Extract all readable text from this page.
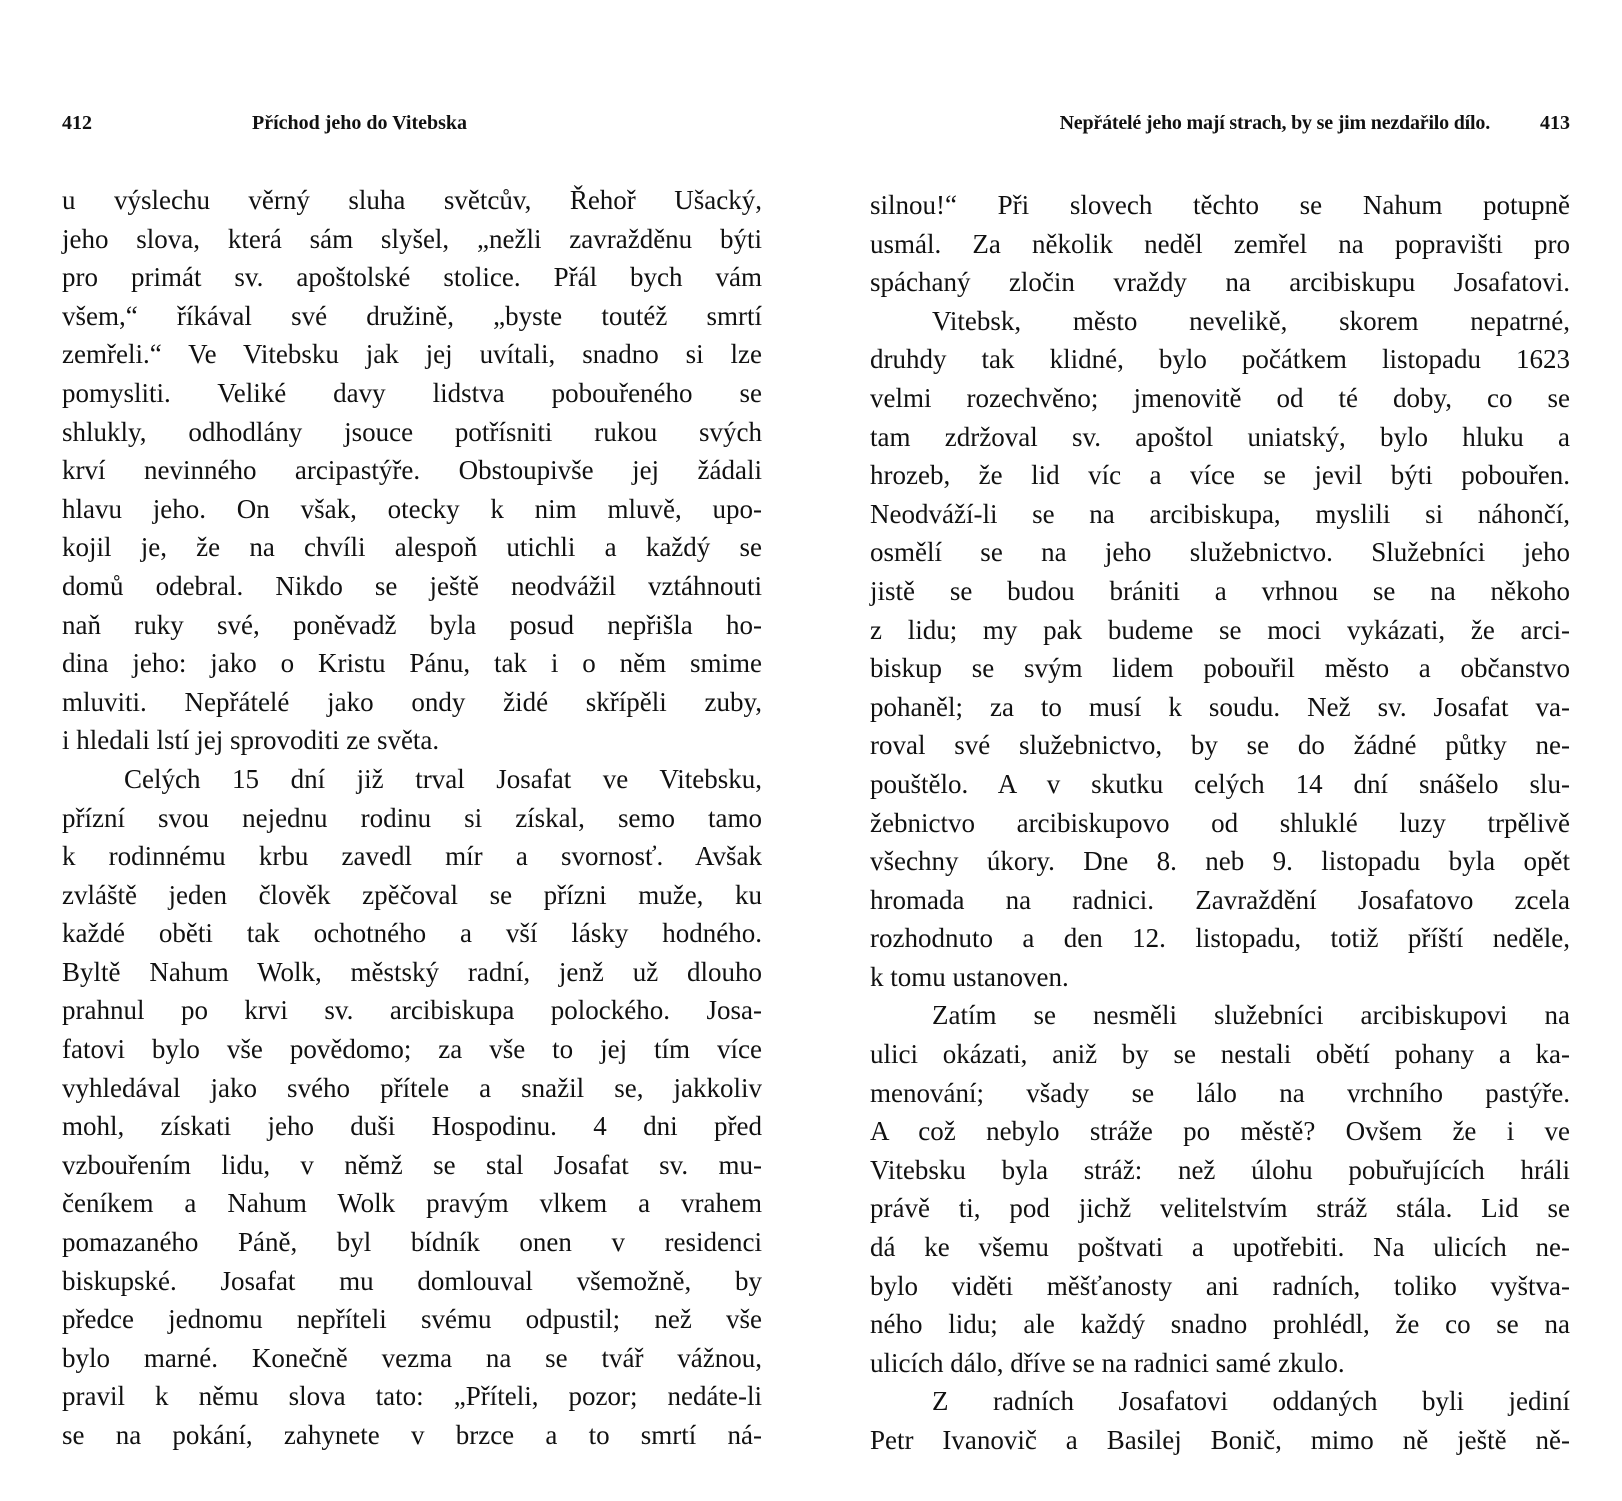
412	Příchod jeho do Vitebska
u výslechu věrný sluha světcův, Řehoř Ušacký,
jeho slova, která sám slyšel, „nežli zavražděnu býti
pro primát sv. apoštolské stolice. Přál bych vám
všem,“ říkával své družině, „byste toutéž smrtí
zemřeli.“ Ve Vitebsku jak jej uvítali, snadno si lze
pomysliti. Veliké davy lidstva pobouřeného se
shlukly, odhodlány jsouce potřísniti rukou svých
krví nevinného arcipastýře. Obstoupivše jej žádali
hlavu jeho. On však, otecky k nim mluvě, upo-
kojil je, že na chvíli alespoň utichli a každý se
domů odebral. Nikdo se ještě neodvážil vztáhnouti
naň ruky své, poněvadž byla posud nepřišla ho-
dina jeho: jako o Kristu Pánu, tak i o něm smime
mluviti. Nepřátelé jako ondy židé skřípěli zuby,
i hledali lstí jej sprovoditi ze světa.
Celých 15 dní již trval Josafat ve Vitebsku,
přízní svou nejednu rodinu si získal, semo tamo
k rodinnému krbu zavedl mír a svornosť. Avšak
zvláště jeden člověk zpěčoval se přízni muže, ku
každé oběti tak ochotného a vší lásky hodného.
Byltě Nahum Wolk, městský radní, jenž už dlouho
prahnul po krvi sv. arcibiskupa polockého. Josa-
fatovi bylo vše povědomo; za vše to jej tím více
vyhledával jako svého přítele a snažil se, jakkoliv
mohl, získati jeho duši Hospodinu. 4 dni před
vzbouřením lidu, v němž se stal Josafat sv. mu-
čeníkem a Nahum Wolk pravým vlkem a vrahem
pomazaného Páně, byl bídník onen v residenci
biskupské. Josafat mu domlouval všemožně, by
předce jednomu nepříteli svému odpustil; než vše
bylo marné. Konečně vezma na se tvář vážnou,
pravil k němu slova tato: „Příteli, pozor; nedáte-li
se na pokání, zahynete v brzce a to smrtí ná-
Nepřátelé jeho mají strach, by se jim nezdařilo dílo.	413
silnou!“ Při slovech těchto se Nahum potupně
usmál. Za několik neděl zemřel na popravišti pro
spáchaný zločin vraždy na arcibiskupu Josafatovi.
Vitebsk, město nevelikě, skorem nepatrné,
druhdy tak klidné, bylo počátkem listopadu 1623
velmi rozechvěno; jmenovitě od té doby, co se
tam zdržoval sv. apoštol uniatský, bylo hluku a
hrozeb, že lid víc a více se jevil býti pobouřen.
Neodváží-li se na arcibiskupa, myslili si náhončí,
osmělí se na jeho služebnictvo. Služebníci jeho
jistě se budou brániti a vrhnou se na někoho
z lidu; my pak budeme se moci vykázati, že arci-
biskup se svým lidem pobouřil město a občanstvo
pohaněl; za to musí k soudu. Než sv. Josafat va-
roval své služebnictvo, by se do žádné půtky ne-
pouštělo. A v skutku celých 14 dní snášelo slu-
žebnictvo arcibiskupovo od shluklé luzy trpělivě
všechny úkory. Dne 8. neb 9. listopadu byla opět
hromada na radnici. Zavraždění Josafatovo zcela
rozhodnuto a den 12. listopadu, totiž příští neděle,
k tomu ustanoven.
Zatím se nesměli služebníci arcibiskupovi na
ulici okázati, aniž by se nestali obětí pohany a ka-
menování; všady se lálo na vrchního pastýře.
A což nebylo stráže po městě? Ovšem že i ve
Vitebsku byla stráž: než úlohu pobuřujících hráli
právě ti, pod jichž velitelstvím stráž stála. Lid se
dá ke všemu poštvati a upotřebiti. Na ulicích ne-
bylo viděti měšťanosty ani radních, toliko vyštva-
ného lidu; ale každý snadno prohlédl, že co se na
ulicích dálo, dříve se na radnici samé zkulo.
Z radních Josafatovi oddaných byli jediní
Petr Ivanovič a Basilej Bonič, mimo ně ještě ně-
